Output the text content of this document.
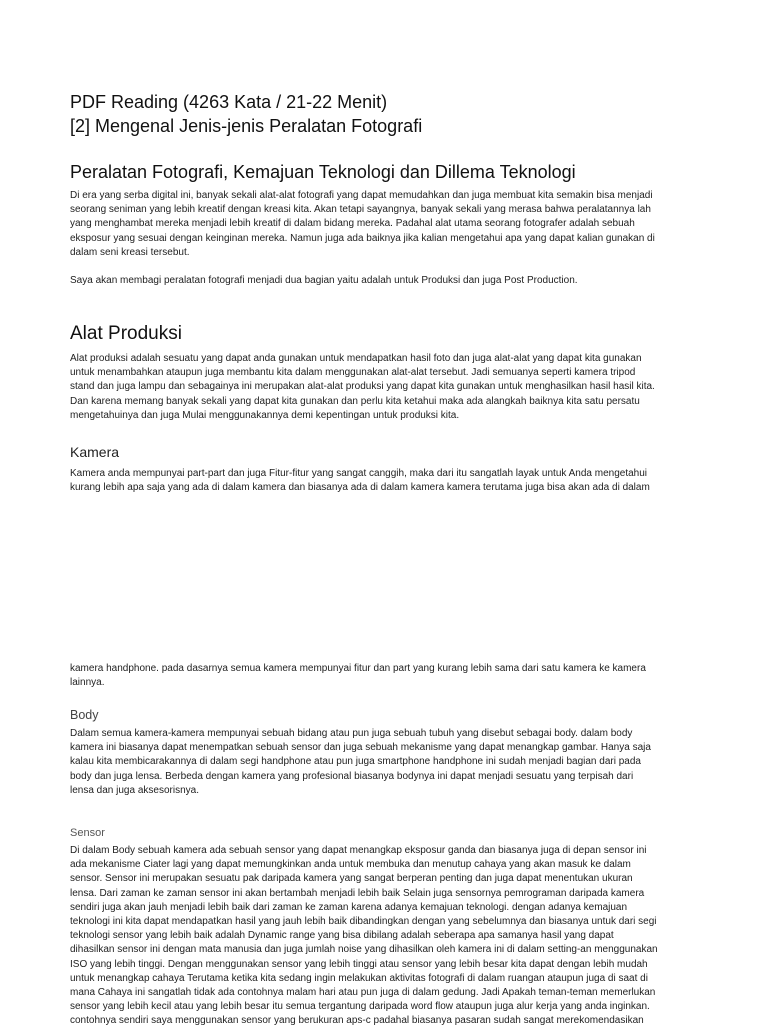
PDF Reading (4263 Kata / 21-22 Menit)
[2] Mengenal Jenis-jenis Peralatan Fotografi
Peralatan Fotografi, Kemajuan Teknologi dan Dillema Teknologi

Di era yang serba digital ini, banyak sekali alat-alat fotografi yang dapat memudahkan dan juga membuat kita semakin bisa menjadi
seorang seniman yang lebih kreatif dengan kreasi kita. Akan tetapi sayangnya, banyak sekali yang merasa bahwa peralatannya lah
yang menghambat mereka menjadi lebih kreatif di dalam bidang mereka. Padahal alat utama seorang fotografer adalah sebuah
eksposur yang sesuai dengan keinginan mereka. Namun juga ada baiknya jika kalian mengetahui apa yang dapat kalian gunakan di
dalam seni kreasi tersebut.

Saya akan membagi peralatan fotografi menjadi dua bagian yaitu adalah untuk Produksi dan juga Post Production.

Alat Produksi

Alat produksi adalah sesuatu yang dapat anda gunakan untuk mendapatkan hasil foto dan juga alat-alat yang dapat kita gunakan
untuk menambahkan ataupun juga membantu kita dalam menggunakan alat-alat tersebut. Jadi semuanya seperti kamera tripod
stand dan juga lampu dan sebagainya ini merupakan alat-alat produksi yang dapat kita gunakan untuk menghasilkan hasil hasil kita.
Dan karena memang banyak sekali yang dapat kita gunakan dan perlu kita ketahui maka ada alangkah baiknya kita satu persatu
mengetahuinya dan juga Mulai menggunakannya demi kepentingan untuk produksi kita.

Kamera

Kamera anda mempunyai part-part dan juga Fitur-fitur yang sangat canggih, maka dari itu sangatlah layak untuk Anda mengetahui
kurang lebih apa saja yang ada di dalam kamera dan biasanya ada di dalam kamera kamera terutama juga bisa akan ada di dalam

kamera handphone. pada dasarnya semua kamera mempunyai fitur dan part yang kurang lebih sama dari satu kamera ke kamera
lainnya.

Body

Dalam semua kamera-kamera mempunyai sebuah bidang atau pun juga sebuah tubuh yang disebut sebagai body. dalam body
kamera ini biasanya dapat menempatkan sebuah sensor dan juga sebuah mekanisme yang dapat menangkap gambar. Hanya saja
kalau kita membicarakannya di dalam segi handphone atau pun juga smartphone handphone ini sudah menjadi bagian dari pada
body dan juga lensa. Berbeda dengan kamera yang profesional biasanya bodynya ini dapat menjadi sesuatu yang terpisah dari
lensa dan juga aksesorisnya.

Sensor

Di dalam Body sebuah kamera ada sebuah sensor yang dapat menangkap eksposur ganda dan biasanya juga di depan sensor ini
ada mekanisme Ciater lagi yang dapat memungkinkan anda untuk membuka dan menutup cahaya yang akan masuk ke dalam
sensor. Sensor ini merupakan sesuatu pak daripada kamera yang sangat berperan penting dan juga dapat menentukan ukuran
lensa. Dari zaman ke zaman sensor ini akan bertambah menjadi lebih baik Selain juga sensornya pemrograman daripada kamera
sendiri juga akan jauh menjadi lebih baik dari zaman ke zaman karena adanya kemajuan teknologi. dengan adanya kemajuan
teknologi ini kita dapat mendapatkan hasil yang jauh lebih baik dibandingkan dengan yang sebelumnya dan biasanya untuk dari segi
teknologi sensor yang lebih baik adalah Dynamic range yang bisa dibilang adalah seberapa apa samanya hasil yang dapat
dihasilkan sensor ini dengan mata manusia dan juga jumlah noise yang dihasilkan oleh kamera ini di dalam setting-an menggunakan
ISO yang lebih tinggi. Dengan menggunakan sensor yang lebih tinggi atau sensor yang lebih besar kita dapat dengan lebih mudah
untuk menangkap cahaya Terutama ketika kita sedang ingin melakukan aktivitas fotografi di dalam ruangan ataupun juga di saat di
mana Cahaya ini sangatlah tidak ada contohnya malam hari atau pun juga di dalam gedung. Jadi Apakah teman-teman memerlukan
sensor yang lebih kecil atau yang lebih besar itu semua tergantung daripada word flow ataupun juga alur kerja yang anda inginkan.
contohnya sendiri saya menggunakan sensor yang berukuran aps-c padahal biasanya pasaran sudah sangat merekomendasikan
